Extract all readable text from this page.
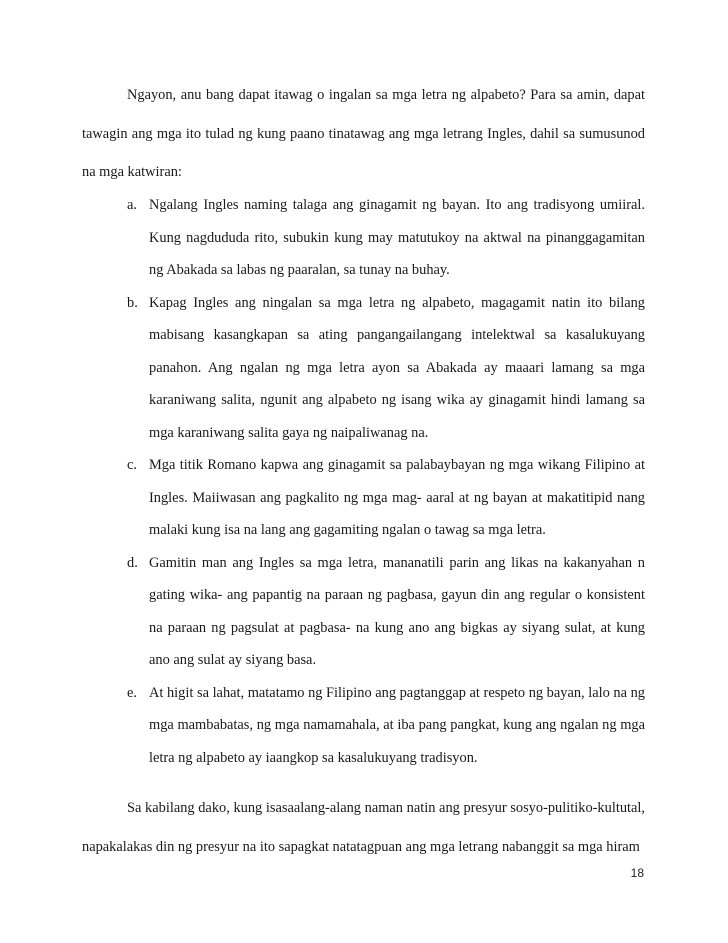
Ngayon, anu bang dapat itawag o ingalan sa mga letra ng alpabeto? Para sa amin, dapat tawagin ang mga ito tulad ng kung paano tinatawag ang mga letrang Ingles, dahil sa sumusunod na mga katwiran:

a. Ngalang Ingles naming talaga ang ginagamit ng bayan. Ito ang tradisyong umiiral. Kung nagdududa rito, subukin kung may matutukoy na aktwal na pinanggagamitan ng Abakada sa labas ng paaralan, sa tunay na buhay.
b. Kapag Ingles ang ningalan sa mga letra ng alpabeto, magagamit natin ito bilang mabisang kasangkapan sa ating pangangailangang intelektwal sa kasalukuyang panahon. Ang ngalan ng mga letra ayon sa Abakada ay maaari lamang sa mga karaniwang salita, ngunit ang alpabeto ng isang wika ay ginagamit hindi lamang sa mga karaniwang salita gaya ng naipaliwanag na.
c. Mga titik Romano kapwa ang ginagamit sa palabaybayan ng mga wikang Filipino at Ingles. Maiiwasan ang pagkalito ng mga mag- aaral at ng bayan at makatitipid nang malaki kung isa na lang ang gagamiting ngalan o tawag sa mga letra.
d. Gamitin man ang Ingles sa mga letra, mananatili parin ang likas na kakanyahan n gating wika- ang papantig na paraan ng pagbasa, gayun din ang regular o konsistent na paraan ng pagsulat at pagbasa- na kung ano ang bigkas ay siyang sulat, at kung ano ang sulat ay siyang basa.
e. At higit sa lahat, matatamo ng Filipino ang pagtanggap at respeto ng bayan, lalo na ng mga mambabatas, ng mga namamahala, at iba pang pangkat, kung ang ngalan ng mga letra ng alpabeto ay iaangkop sa kasalukuyang tradisyon.

Sa kabilang dako, kung isasaalang-alang naman natin ang presyur sosyo-pulitiko-kultutal, napakalakas din ng presyur na ito sapagkat natatagpuan ang mga letrang nabanggit sa mga hiram

18
